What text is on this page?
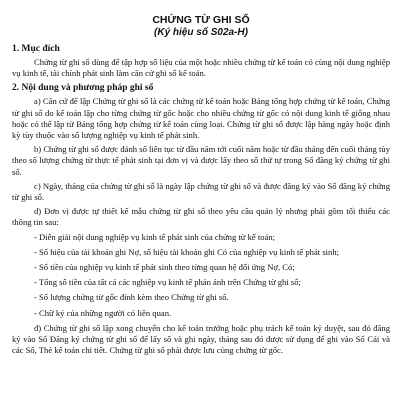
CHỨNG TỪ GHI SỔ
(Ký hiệu số S02a-H)
1. Mục đích

Chứng từ ghi sổ dùng để tập hợp số liệu của một hoặc nhiều chứng từ kế toán có cùng nội dung nghiệp vụ kinh tế, tài chính phát sinh làm căn cứ ghi sổ kế toán.

2. Nội dung và phương pháp ghi sổ

a) Căn cứ để lập Chứng từ ghi sổ là các chứng từ kế toán hoặc Bảng tổng hợp chứng từ kế toán, Chứng từ ghi sổ do kế toán lập cho từng chứng từ gốc hoặc cho nhiều chứng từ gốc có nội dung kinh tế giống nhau hoặc có thể lập từ Bảng tổng hợp chứng từ kế toán cùng loại. Chứng từ ghi sổ được lập hàng ngày hoặc định kỳ tùy thuộc vào số lượng nghiệp vụ kinh tế phát sinh.

b) Chứng từ ghi sổ được đánh số liên tục từ đầu năm tới cuối năm hoặc từ đầu tháng đến cuối tháng tùy theo số lượng chứng từ thực tế phát sinh tại đơn vị và được lấy theo số thứ tự trong Sổ đăng ký chứng từ ghi sổ.

c) Ngày, tháng của chứng từ ghi sổ là ngày lập chứng từ ghi sổ và được đăng ký vào Sổ đăng ký chứng từ ghi sổ.

d) Đơn vị được tự thiết kế mẫu chứng từ ghi sổ theo yêu cầu quản lý nhưng phải gồm tối thiểu các thông tin sau:

- Diễn giải nội dung nghiệp vụ kinh tế phát sinh của chứng từ kế toán;

- Số hiệu của tài khoản ghi Nợ, số hiệu tài khoản ghi Có của nghiệp vụ kinh tế phát sinh;

- Số tiền của nghiệp vụ kinh tế phát sinh theo từng quan hệ đối ứng Nợ, Có;

- Tổng số tiền của tất cả các nghiệp vụ kinh tế phản ánh trên Chứng từ ghi sổ;

- Số lượng chứng từ gốc đính kèm theo Chứng từ ghi sổ.

- Chữ ký của những người có liên quan.

đ) Chứng từ ghi sổ lập xong chuyển cho kế toán trưởng hoặc phụ trách kế toán ký duyệt, sau đó đăng ký vào Sổ Đăng ký chứng từ ghi sổ để lấy số và ghi ngày, tháng sau đó được sử dụng để ghi vào Sổ Cái và các Sổ, Thẻ kế toán chi tiết. Chứng từ ghi sổ phải được lưu cùng chứng từ gốc.
